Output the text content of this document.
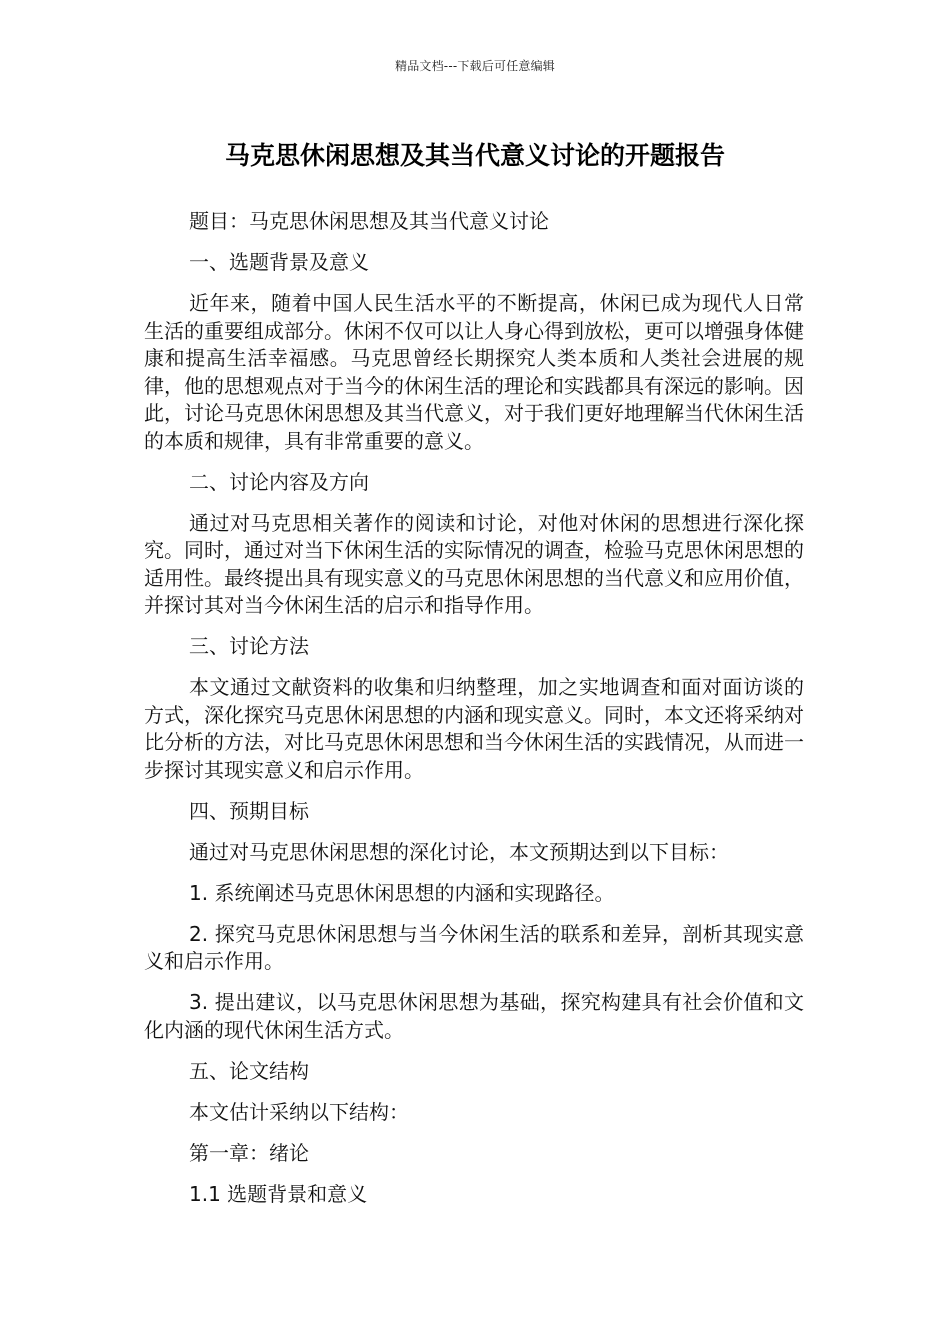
精品文档---下载后可任意编辑
马克思休闲思想及其当代意义讨论的开题报告

题目：马克思休闲思想及其当代意义讨论

一、选题背景及意义

近年来，随着中国人民生活水平的不断提高，休闲已成为现代人日常生活的重要组成部分。休闲不仅可以让人身心得到放松，更可以增强身体健康和提高生活幸福感。马克思曾经长期探究人类本质和人类社会进展的规律，他的思想观点对于当今的休闲生活的理论和实践都具有深远的影响。因此，讨论马克思休闲思想及其当代意义，对于我们更好地理解当代休闲生活的本质和规律，具有非常重要的意义。

二、讨论内容及方向

通过对马克思相关著作的阅读和讨论，对他对休闲的思想进行深化探究。同时，通过对当下休闲生活的实际情况的调查，检验马克思休闲思想的适用性。最终提出具有现实意义的马克思休闲思想的当代意义和应用价值，并探讨其对当今休闲生活的启示和指导作用。

三、讨论方法

本文通过文献资料的收集和归纳整理，加之实地调查和面对面访谈的方式，深化探究马克思休闲思想的内涵和现实意义。同时，本文还将采纳对比分析的方法，对比马克思休闲思想和当今休闲生活的实践情况，从而进一步探讨其现实意义和启示作用。

四、预期目标

通过对马克思休闲思想的深化讨论，本文预期达到以下目标：

1. 系统阐述马克思休闲思想的内涵和实现路径。

2. 探究马克思休闲思想与当今休闲生活的联系和差异，剖析其现实意义和启示作用。

3. 提出建议，以马克思休闲思想为基础，探究构建具有社会价值和文化内涵的现代休闲生活方式。

五、论文结构

本文估计采纳以下结构：

第一章：绪论

1.1 选题背景和意义
